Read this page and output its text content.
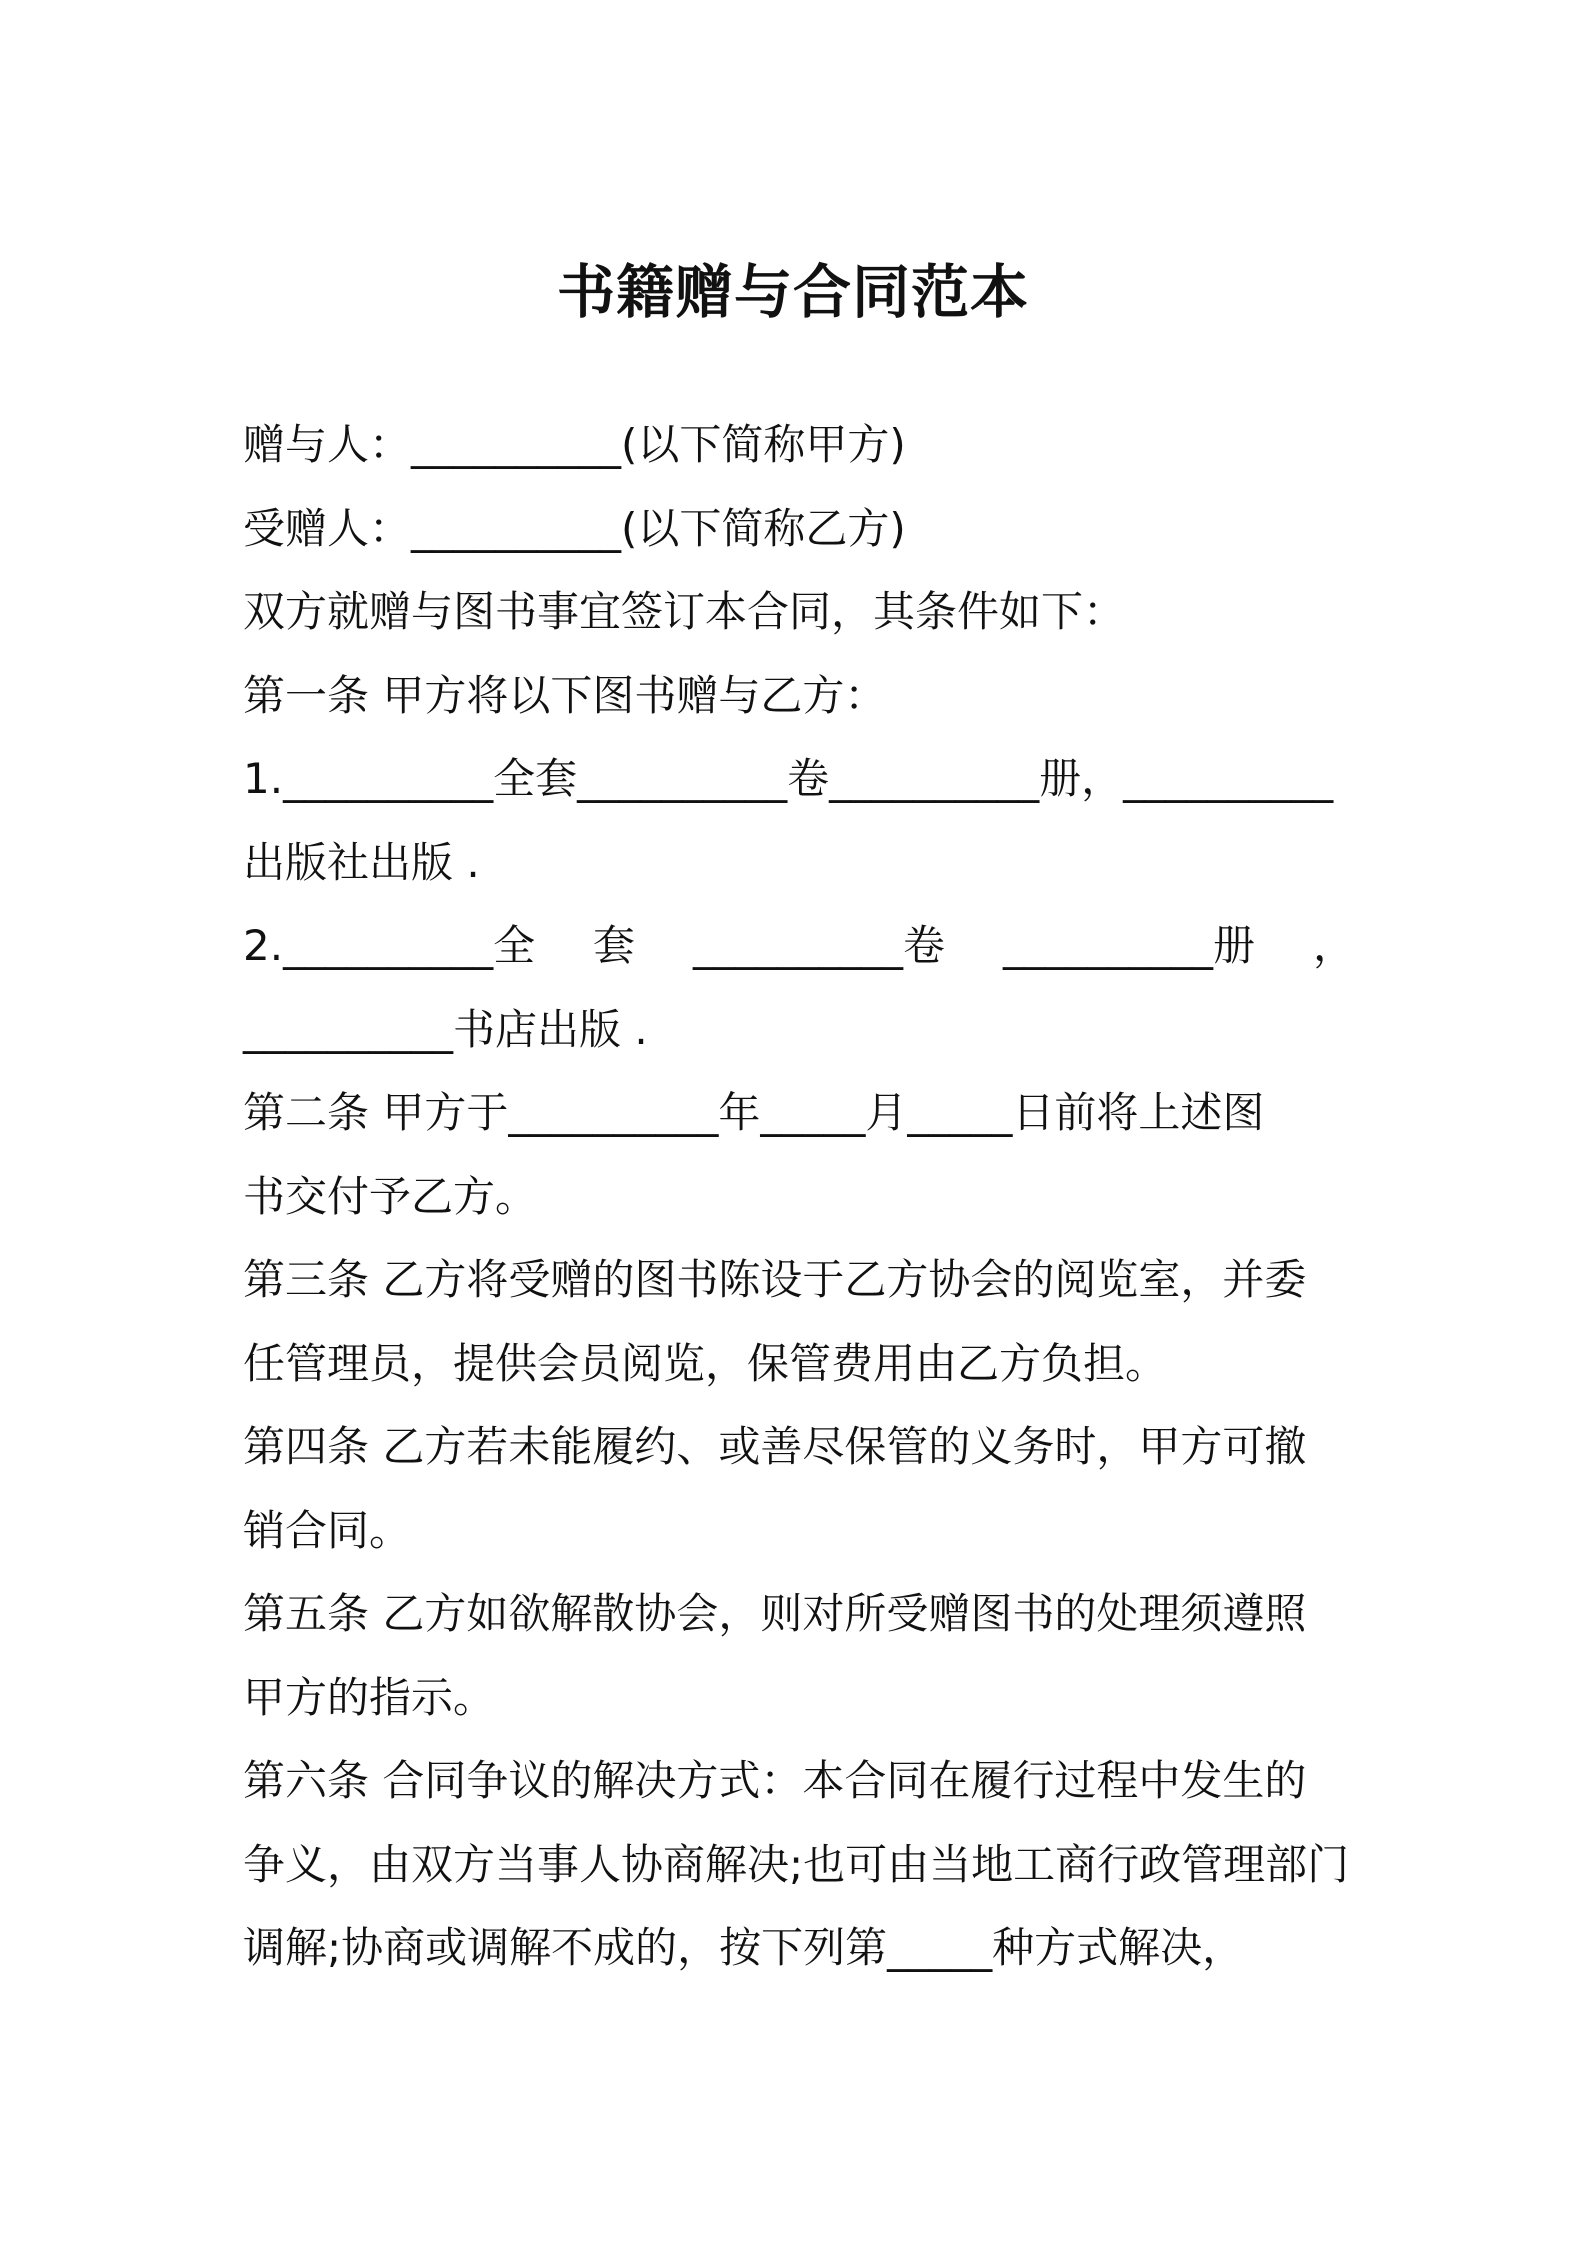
书籍赠与合同范本
赠与人：__________(以下简称甲方)
受赠人：__________(以下简称乙方)
双方就赠与图书事宜签订本合同，其条件如下：
第一条 甲方将以下图书赠与乙方：
1.__________全套__________卷__________册，__________
出版社出版 .
2.__________全 套 __________卷 __________册 ，
__________书店出版 .
第二条 甲方于__________年_____月_____日前将上述图
书交付予乙方。
第三条 乙方将受赠的图书陈设于乙方协会的阅览室，并委
任管理员，提供会员阅览，保管费用由乙方负担。
第四条 乙方若未能履约、或善尽保管的义务时，甲方可撤
销合同。
第五条 乙方如欲解散协会，则对所受赠图书的处理须遵照
甲方的指示。
第六条 合同争议的解决方式：本合同在履行过程中发生的
争义，由双方当事人协商解决;也可由当地工商行政管理部门
调解;协商或调解不成的，按下列第_____种方式解决，
